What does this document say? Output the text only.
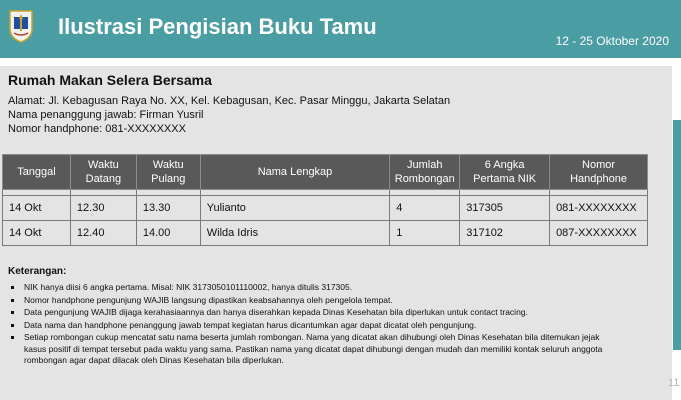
Ilustrasi Pengisian Buku Tamu
12 - 25 Oktober 2020
Rumah Makan Selera Bersama
Alamat: Jl. Kebagusan Raya No. XX, Kel. Kebagusan, Kec. Pasar Minggu, Jakarta Selatan
Nama penanggung jawab: Firman Yusril
Nomor handphone: 081-XXXXXXXX
Tanggal	Waktu Datang	Waktu Pulang	Nama Lengkap	Jumlah Rombongan	6 Angka Pertama NIK	Nomor Handphone

14 Okt	12.30	13.30	Yulianto	4	317305	081-XXXXXXXX
14 Okt	12.40	14.00	Wilda Idris	1	317102	087-XXXXXXXX
Keterangan:
NIK hanya diisi 6 angka pertama. Misal: NIK 3173050101110002, hanya ditulis 317305.
Nomor handphone pengunjung WAJIB langsung dipastikan keabsahannya oleh pengelola tempat.
Data pengunjung WAJIB dijaga kerahasiaannya dan hanya diserahkan kepada Dinas Kesehatan bila diperlukan untuk contact tracing.
Data nama dan handphone penanggung jawab tempat kegiatan harus dicantumkan agar dapat dicatat oleh pengunjung.
Setiap rombongan cukup mencatat satu nama beserta jumlah rombongan. Nama yang dicatat akan dihubungi oleh Dinas Kesehatan bila ditemukan jejak kasus positif di tempat tersebut pada waktu yang sama. Pastikan nama yang dicatat dapat dihubungi dengan mudah dan memiliki kontak seluruh anggota rombongan agar dapat dilacak oleh Dinas Kesehatan bila diperlukan.
11
